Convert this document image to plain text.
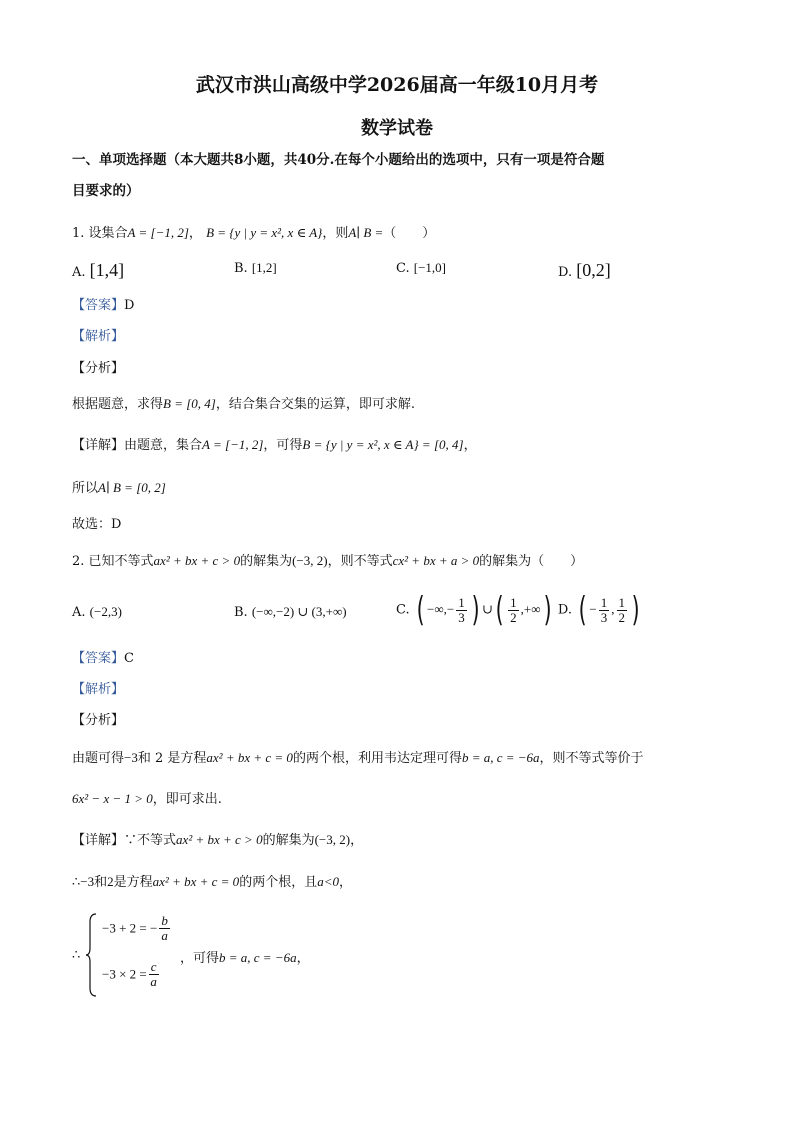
武汉市洪山高级中学2026届高一年级10月月考
数学试卷
一、单项选择题（本大题共8小题，共40分.在每个小题给出的选项中，只有一项是符合题
目要求的）
1. 设集合A = [−1, 2]， B = {y | y = x², x ∈ A}，则A∣ B =（　　）
A. [1,4]	B. [1,2]	C. [−1,0]	D. [0,2]
【答案】D
【解析】
【分析】
根据题意，求得B = [0, 4]，结合集合交集的运算，即可求解.
【详解】由题意，集合A = [−1, 2]，可得B = {y | y = x², x ∈ A} = [0, 4]，
所以A∣ B = [0, 2]
故选：D
2. 已知不等式ax² + bx + c > 0的解集为(−3, 2)，则不等式cx² + bx + a > 0的解集为（　　）
A. (−2,3)	B. (−∞,−2) ∪ (3,+∞)	C. ( −∞,− $\frac{1}{3}$ ) ∪( $\frac{1}{2}$ ,+∞) D. ( − $\frac{1}{3}$ , $\frac{1}{2}$ )
【答案】C
【解析】
【分析】
由题可得−3和 2 是方程ax² + bx + c = 0的两个根，利用韦达定理可得b = a, c = −6a，则不等式等价于
6x² − x − 1 > 0，即可求出.
【详解】∵不等式ax² + bx + c > 0的解集为(−3, 2)，
∴−3和2是方程ax² + bx + c = 0的两个根，且a<0，
∴
−3 + 2 = − $\frac{b}{a}$
$-3 \times 2 = \frac{c}{a}$
，可得b = a, c = −6a，
